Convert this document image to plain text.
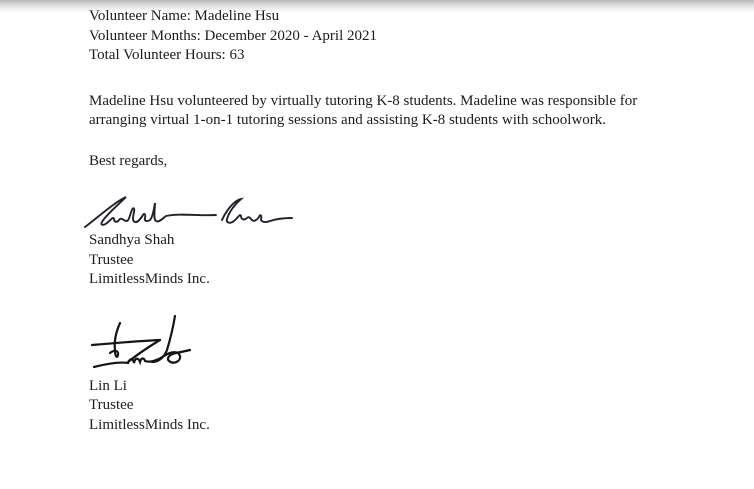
Volunteer Name: Madeline Hsu
Volunteer Months: December 2020 - April 2021
Total Volunteer Hours: 63
Madeline Hsu volunteered by virtually tutoring K-8 students. Madeline was responsible for
arranging virtual 1-on-1 tutoring sessions and assisting K-8 students with schoolwork.
Best regards,
Sandhya Shah
Trustee
LimitlessMinds Inc.
Lin Li
Trustee
LimitlessMinds Inc.
